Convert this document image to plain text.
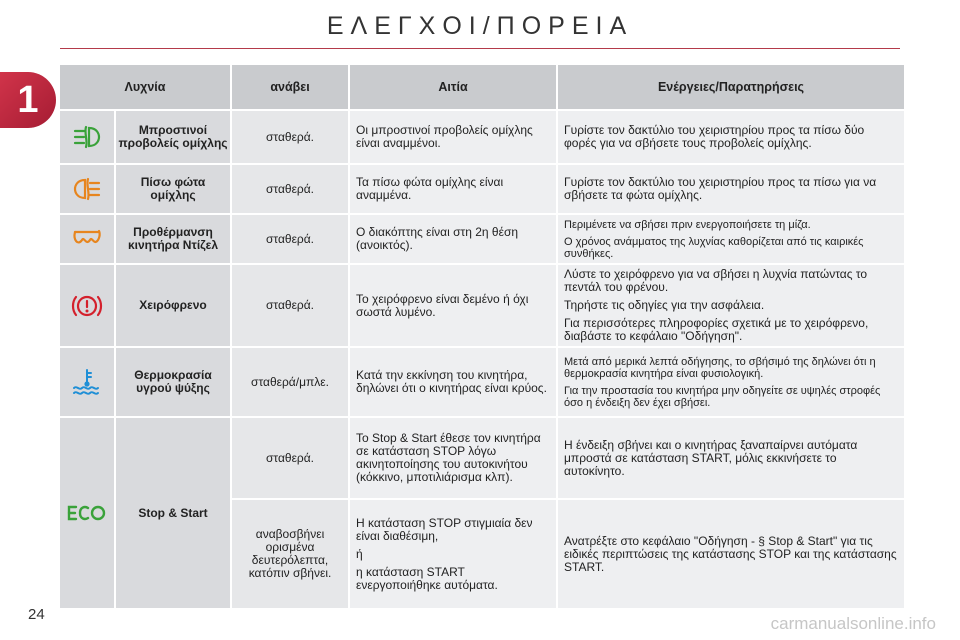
ΕΛΕΓΧΟΙ/ΠΟΡΕΙΑ
1	Λυχνία		ανάβει	Αιτία	Ενέργειες/Παρατηρήσεις

	Μπροστινοί προβολείς ομίχλης	σταθερά.	Οι μπροστινοί προβολείς ομίχλης είναι αναμμένοι.	Γυρίστε τον δακτύλιο του χειριστηρίου προς τα πίσω δύο φορές για να σβήσετε τους προβολείς ομίχλης.

	Πίσω φώτα ομίχλης	σταθερά.	Τα πίσω φώτα ομίχλης είναι αναμμένα.	Γυρίστε τον δακτύλιο του χειριστηρίου προς τα πίσω για να σβήσετε τα φώτα ομίχλης.

	Προθέρμανση κινητήρα Ντίζελ	σταθερά.	Ο διακόπτης είναι στη 2η θέση (ανοικτός).	Περιμένετε να σβήσει πριν ενεργοποιήσετε τη μίζα.

Ο χρόνος ανάμματος της λυχνίας καθορίζεται από τις καιρικές συνθήκες.

	Χειρόφρενο	σταθερά.	Το χειρόφρενο είναι δεμένο ή όχι σωστά λυμένο.	Λύστε το χειρόφρενο για να σβήσει η λυχνία πατώντας το πεντάλ του φρένου.

Τηρήστε τις οδηγίες για την ασφάλεια.

Για περισσότερες πληροφορίες σχετικά με το χειρόφρενο, διαβάστε το κεφάλαιο "Οδήγηση".

	Θερμοκρασία υγρού ψύξης	σταθερά/μπλε.	Κατά την εκκίνηση του κινητήρα, δηλώνει ότι ο κινητήρας είναι κρύος.	Μετά από μερικά λεπτά οδήγησης, το σβήσιμό της δηλώνει ότι η θερμοκρασία κινητήρα είναι φυσιολογική.

Για την προστασία του κινητήρα μην οδηγείτε σε υψηλές στροφές όσο η ένδειξη δεν έχει σβήσει.

	Stop & Start	σταθερά.	Το Stop & Start έθεσε τον κινητήρα σε κατάσταση STOP λόγω ακινητοποίησης του αυτοκινήτου (κόκκινο, μποτιλιάρισμα κλπ).	Η ένδειξη σβήνει και ο κινητήρας ξαναπαίρνει αυτόματα μπροστά σε κατάσταση START, μόλις εκκινήσετε το αυτοκίνητο.

		αναβοσβήνει ορισμένα δευτερόλεπτα, κατόπιν σβήνει.	Η κατάσταση STOP στιγμιαία δεν είναι διαθέσιμη,

ή

η κατάσταση START ενεργοποιήθηκε αυτόματα.	Ανατρέξτε στο κεφάλαιο "Οδήγηση - § Stop & Start" για τις ειδικές περιπτώσεις της κατάστασης STOP και της κατάστασης START.

24	carmanualsonline.info
